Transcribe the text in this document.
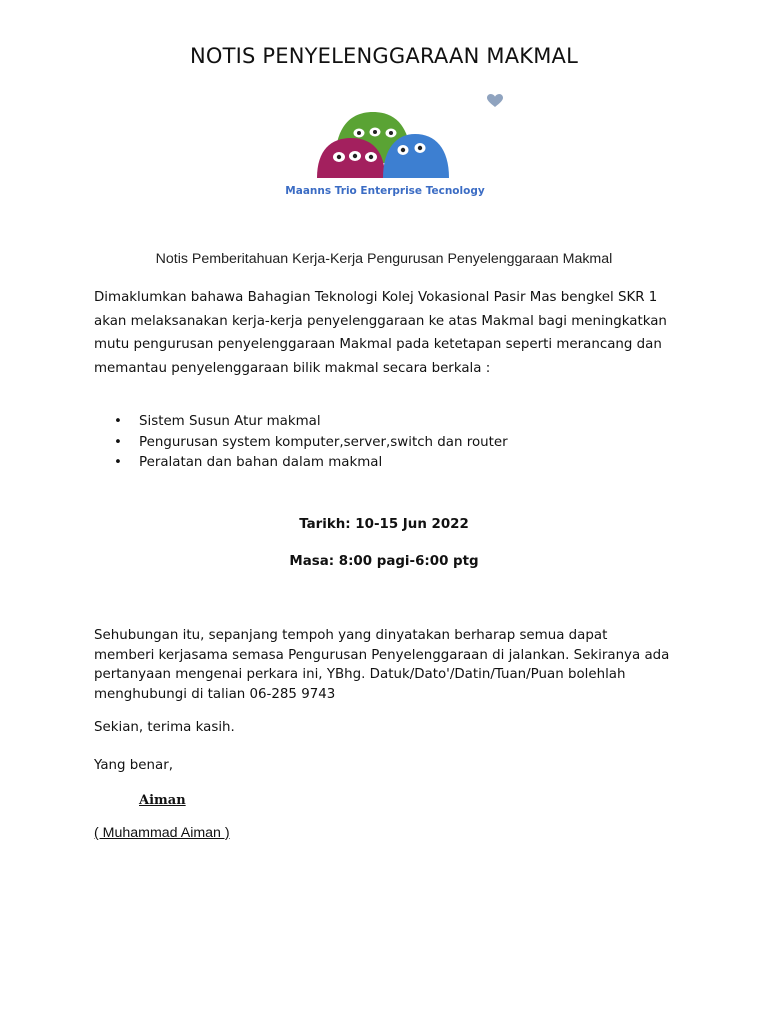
NOTIS PENYELENGGARAAN MAKMAL
Maanns Trio Enterprise Tecnology
Notis Pemberitahuan Kerja-Kerja Pengurusan Penyelenggaraan Makmal
Dimaklumkan bahawa Bahagian Teknologi Kolej Vokasional Pasir Mas bengkel SKR 1
akan melaksanakan kerja-kerja penyelenggaraan ke atas Makmal bagi meningkatkan
mutu pengurusan penyelenggaraan Makmal pada ketetapan seperti merancang dan
memantau penyelenggaraan bilik makmal secara berkala :
• Sistem Susun Atur makmal
• Pengurusan system komputer,server,switch dan router
• Peralatan dan bahan dalam makmal
Tarikh: 10-15 Jun 2022
Masa: 8:00 pagi-6:00 ptg
Sehubungan itu, sepanjang tempoh yang dinyatakan berharap semua dapat
memberi kerjasama semasa Pengurusan Penyelenggaraan di jalankan. Sekiranya ada
pertanyaan mengenai perkara ini, YBhg. Datuk/Dato'/Datin/Tuan/Puan bolehlah
menghubungi di talian 06-285 9743
Sekian, terima kasih.
Yang benar,
Aiman
( Muhammad Aiman )
